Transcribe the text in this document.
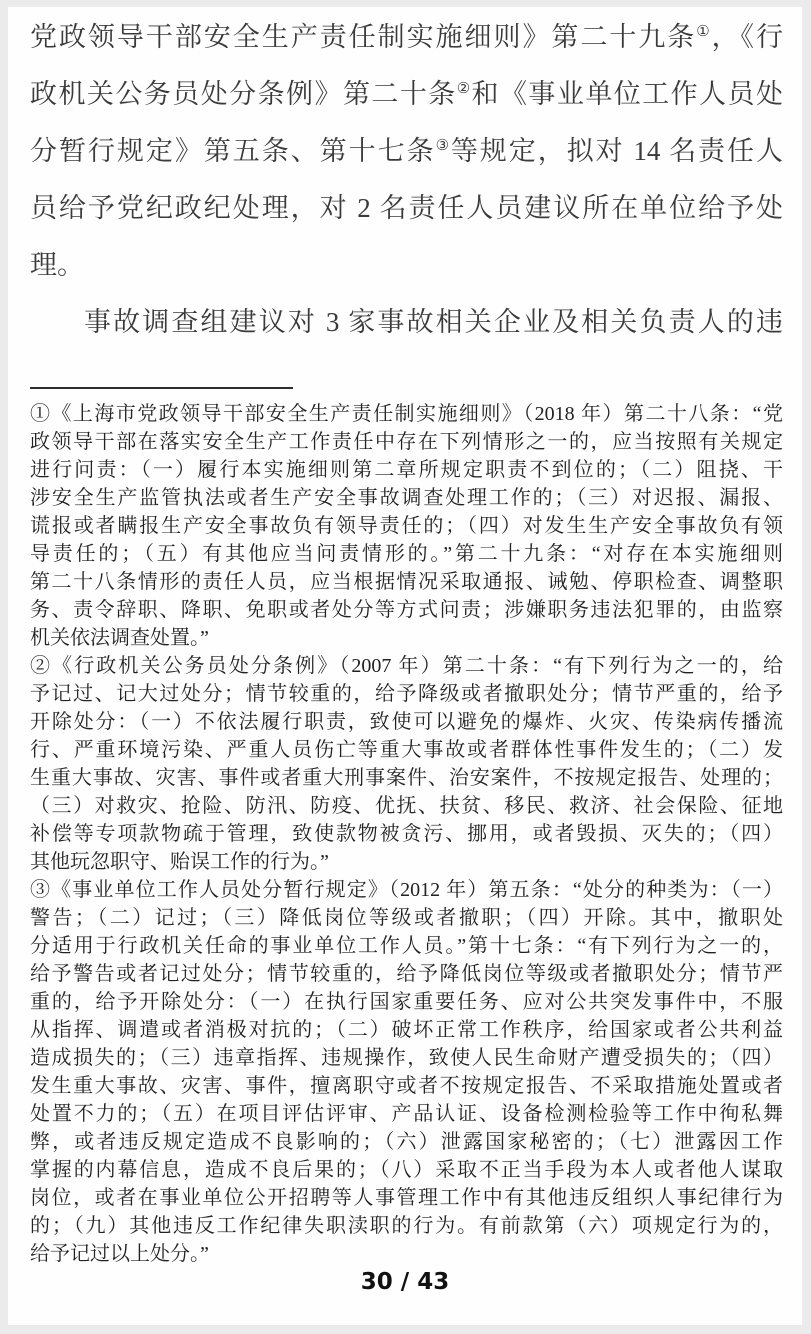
党政领导干部安全生产责任制实施细则》第二十九条①，《行
政机关公务员处分条例》第二十条②和《事业单位工作人员处
分暂行规定》第五条、第十七条③等规定，拟对 14 名责任人
员给予党纪政纪处理，对 2 名责任人员建议所在单位给予处
理。
事故调查组建议对 3 家事故相关企业及相关负责人的违
①《上海市党政领导干部安全生产责任制实施细则》（2018 年）第二十八条：“党
政领导干部在落实安全生产工作责任中存在下列情形之一的，应当按照有关规定
进行问责：（一）履行本实施细则第二章所规定职责不到位的；（二）阻挠、干
涉安全生产监管执法或者生产安全事故调查处理工作的；（三）对迟报、漏报、
谎报或者瞒报生产安全事故负有领导责任的；（四）对发生生产安全事故负有领
导责任的；（五）有其他应当问责情形的。”第二十九条：“对存在本实施细则
第二十八条情形的责任人员，应当根据情况采取通报、诫勉、停职检查、调整职
务、责令辞职、降职、免职或者处分等方式问责；涉嫌职务违法犯罪的，由监察
机关依法调查处置。”
②《行政机关公务员处分条例》（2007 年）第二十条：“有下列行为之一的，给
予记过、记大过处分；情节较重的，给予降级或者撤职处分；情节严重的，给予
开除处分：（一）不依法履行职责，致使可以避免的爆炸、火灾、传染病传播流
行、严重环境污染、严重人员伤亡等重大事故或者群体性事件发生的；（二）发
生重大事故、灾害、事件或者重大刑事案件、治安案件，不按规定报告、处理的；
（三）对救灾、抢险、防汛、防疫、优抚、扶贫、移民、救济、社会保险、征地
补偿等专项款物疏于管理，致使款物被贪污、挪用，或者毁损、灭失的；（四）
其他玩忽职守、贻误工作的行为。”
③《事业单位工作人员处分暂行规定》（2012 年）第五条：“处分的种类为：（一）
警告；（二）记过；（三）降低岗位等级或者撤职；（四）开除。其中，撤职处
分适用于行政机关任命的事业单位工作人员。”第十七条：“有下列行为之一的，
给予警告或者记过处分；情节较重的，给予降低岗位等级或者撤职处分；情节严
重的，给予开除处分：（一）在执行国家重要任务、应对公共突发事件中，不服
从指挥、调遣或者消极对抗的；（二）破坏正常工作秩序，给国家或者公共利益
造成损失的；（三）违章指挥、违规操作，致使人民生命财产遭受损失的；（四）
发生重大事故、灾害、事件，擅离职守或者不按规定报告、不采取措施处置或者
处置不力的；（五）在项目评估评审、产品认证、设备检测检验等工作中徇私舞
弊，或者违反规定造成不良影响的；（六）泄露国家秘密的；（七）泄露因工作
掌握的内幕信息，造成不良后果的；（八）采取不正当手段为本人或者他人谋取
岗位，或者在事业单位公开招聘等人事管理工作中有其他违反组织人事纪律行为
的；（九）其他违反工作纪律失职渎职的行为。有前款第（六）项规定行为的，
给予记过以上处分。”
30 / 43
